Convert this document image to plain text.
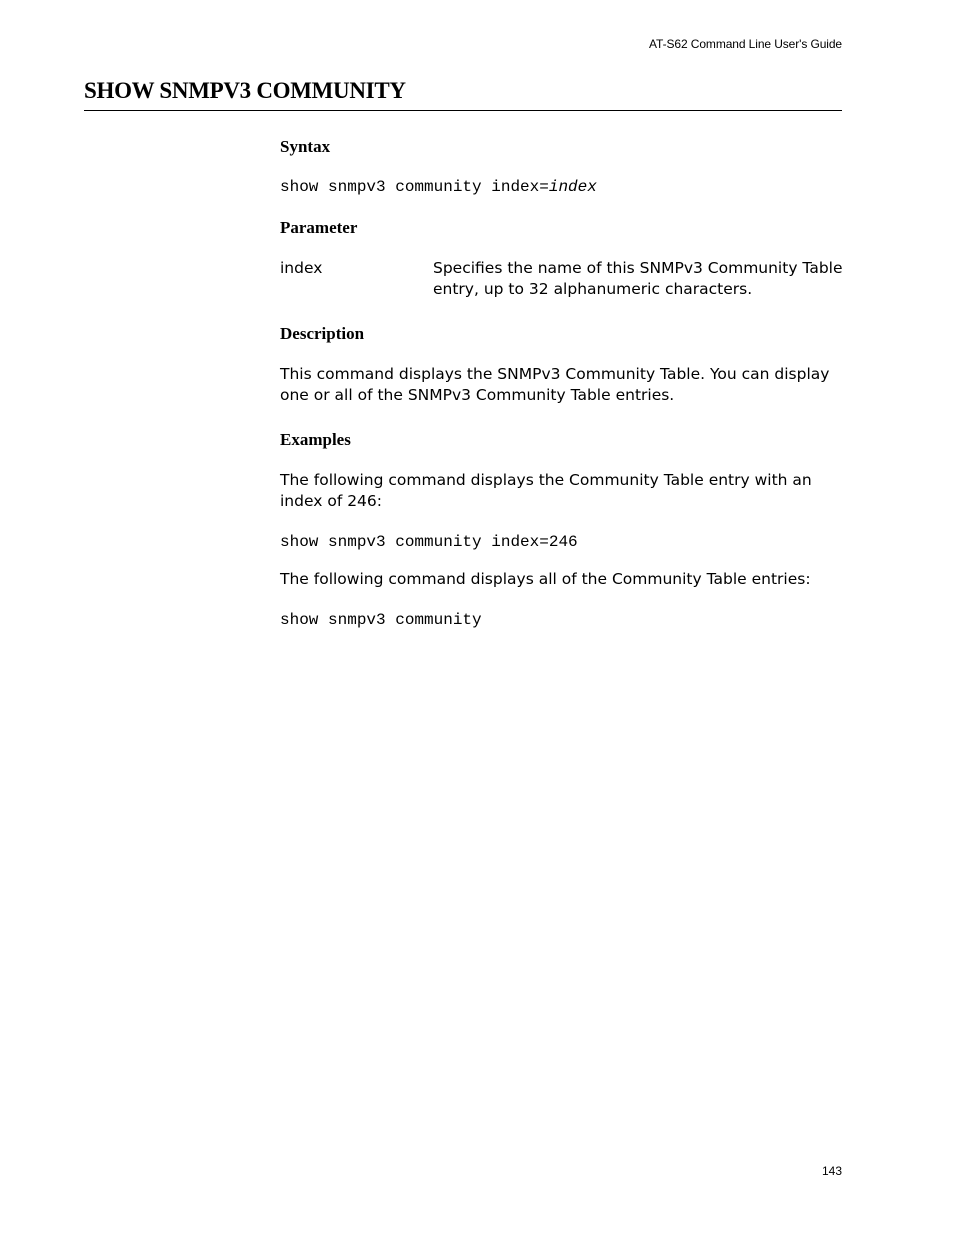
AT-S62 Command Line User's Guide
SHOW SNMPV3 COMMUNITY
Syntax

show snmpv3 community index=index

Parameter

index	Specifies the name of this SNMPv3 Community Table entry, up to 32 alphanumeric characters.

Description

This command displays the SNMPv3 Community Table. You can display one or all of the SNMPv3 Community Table entries.

Examples

The following command displays the Community Table entry with an index of 246:

show snmpv3 community index=246

The following command displays all of the Community Table entries:

show snmpv3 community

143
